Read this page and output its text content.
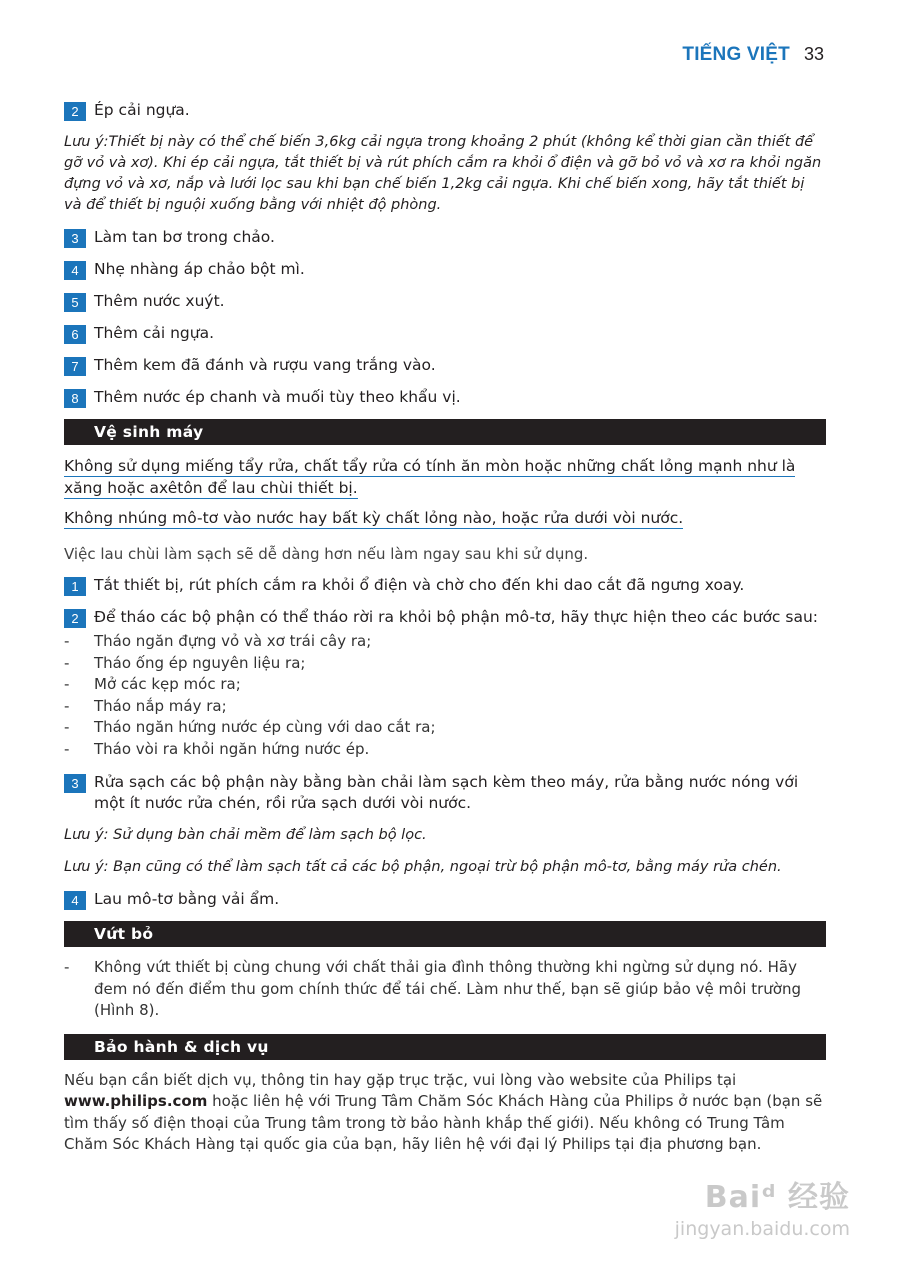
TIẾNG VIỆT 33
2 Ép cải ngựa.

Lưu ý:Thiết bị này có thể chế biến 3,6kg cải ngựa trong khoảng 2 phút (không kể thời gian cần thiết để gỡ vỏ và xơ). Khi ép cải ngựa, tắt thiết bị và rút phích cắm ra khỏi ổ điện và gỡ bỏ vỏ và xơ ra khỏi ngăn đựng vỏ và xơ, nắp và lưới lọc sau khi bạn chế biến 1,2kg cải ngựa. Khi chế biến xong, hãy tắt thiết bị và để thiết bị nguội xuống bằng với nhiệt độ phòng.

3 Làm tan bơ trong chảo.
4 Nhẹ nhàng áp chảo bột mì.
5 Thêm nước xuýt.
6 Thêm cải ngựa.
7 Thêm kem đã đánh và rượu vang trắng vào.
8 Thêm nước ép chanh và muối tùy theo khẩu vị.
Vệ sinh máy
Không sử dụng miếng tẩy rửa, chất tẩy rửa có tính ăn mòn hoặc những chất lỏng mạnh như là xăng hoặc axêtôn để lau chùi thiết bị.
Không nhúng mô-tơ vào nước hay bất kỳ chất lỏng nào, hoặc rửa dưới vòi nước.

Việc lau chùi làm sạch sẽ dễ dàng hơn nếu làm ngay sau khi sử dụng.

1 Tắt thiết bị, rút phích cắm ra khỏi ổ điện và chờ cho đến khi dao cắt đã ngưng xoay.
2 Để tháo các bộ phận có thể tháo rời ra khỏi bộ phận mô-tơ, hãy thực hiện theo các bước sau:
- Tháo ngăn đựng vỏ và xơ trái cây ra;
- Tháo ống ép nguyên liệu ra;
- Mở các kẹp móc ra;
- Tháo nắp máy ra;
- Tháo ngăn hứng nước ép cùng với dao cắt ra;
- Tháo vòi ra khỏi ngăn hứng nước ép.
3 Rửa sạch các bộ phận này bằng bàn chải làm sạch kèm theo máy, rửa bằng nước nóng với một ít nước rửa chén, rồi rửa sạch dưới vòi nước.

Lưu ý: Sử dụng bàn chải mềm để làm sạch bộ lọc.

Lưu ý: Bạn cũng có thể làm sạch tất cả các bộ phận, ngoại trừ bộ phận mô-tơ, bằng máy rửa chén.

4 Lau mô-tơ bằng vải ẩm.
Vứt bỏ
- Không vứt thiết bị cùng chung với chất thải gia đình thông thường khi ngừng sử dụng nó. Hãy đem nó đến điểm thu gom chính thức để tái chế. Làm như thế, bạn sẽ giúp bảo vệ môi trường (Hình 8).
Bảo hành & dịch vụ

Nếu bạn cần biết dịch vụ, thông tin hay gặp trục trặc, vui lòng vào website của Philips tại www.philips.com hoặc liên hệ với Trung Tâm Chăm Sóc Khách Hàng của Philips ở nước bạn (bạn sẽ tìm thấy số điện thoại của Trung tâm trong tờ bảo hành khắp thế giới). Nếu không có Trung Tâm Chăm Sóc Khách Hàng tại quốc gia của bạn, hãy liên hệ với đại lý Philips tại địa phương bạn.

Baiᵈ 经验
jingyan.baidu.com
